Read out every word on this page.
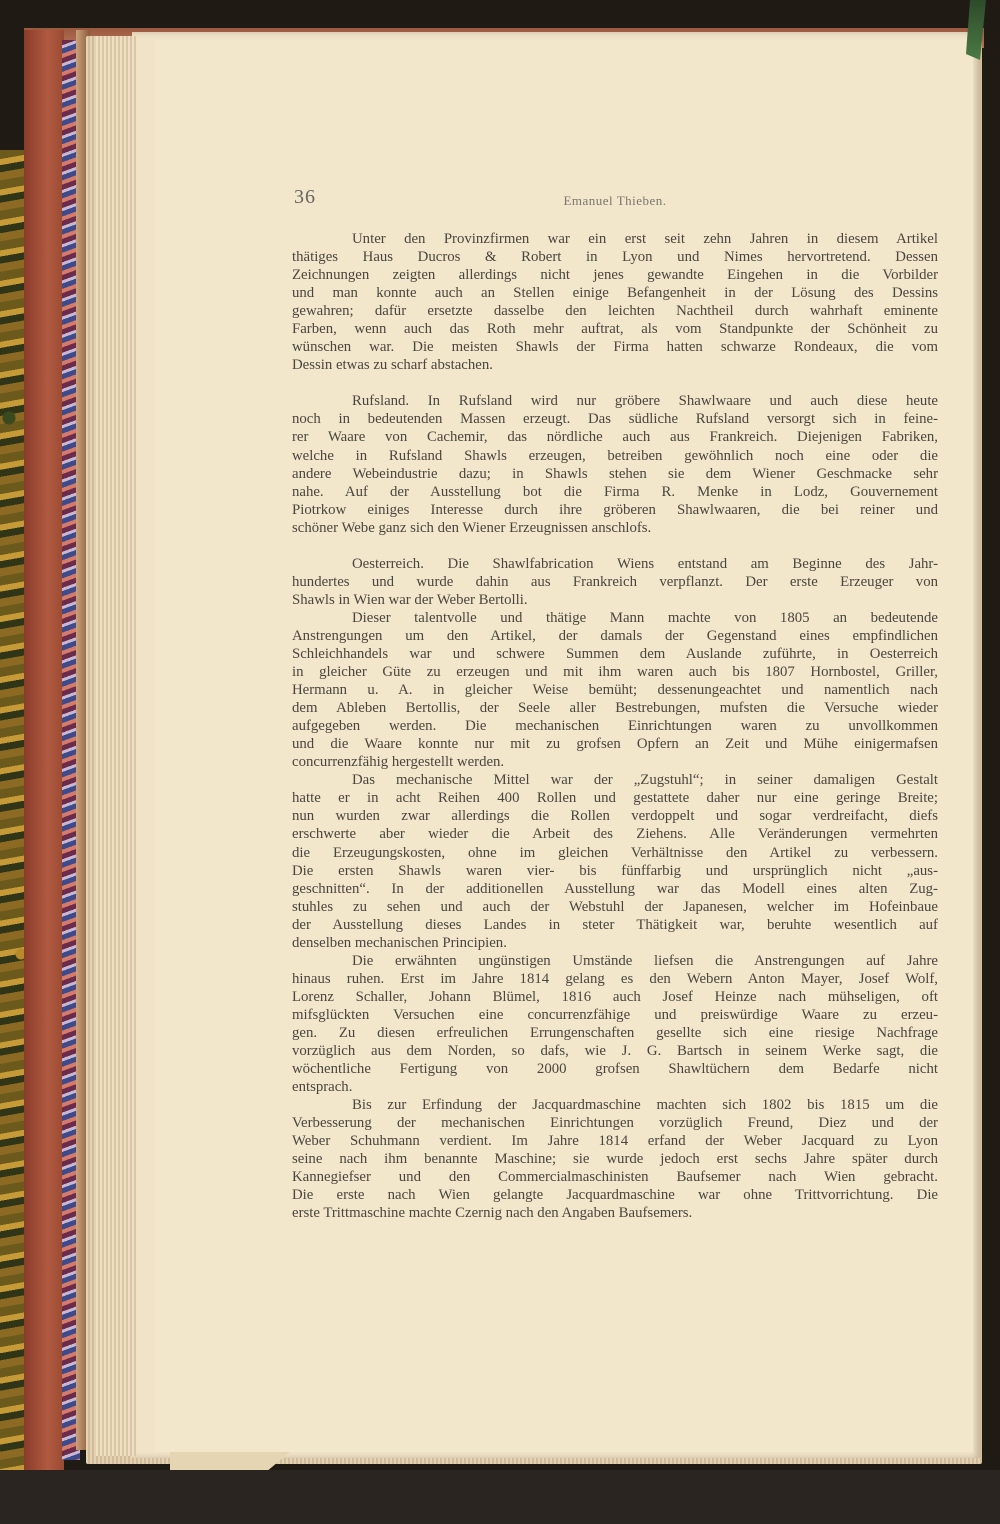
36	Emanuel Thieben.

Unter den Provinzfirmen war ein erst seit zehn Jahren in diesem Artikel
thätiges Haus Ducros & Robert in Lyon und Nimes hervortretend. Dessen
Zeichnungen zeigten allerdings nicht jenes gewandte Eingehen in die Vorbilder
und man konnte auch an Stellen einige Befangenheit in der Lösung des Dessins
gewahren; dafür ersetzte dasselbe den leichten Nachtheil durch wahrhaft eminente
Farben, wenn auch das Roth mehr auftrat, als vom Standpunkte der Schönheit zu
wünschen war. Die meisten Shawls der Firma hatten schwarze Rondeaux, die vom
Dessin etwas zu scharf abstachen.

Rufsland. In Rufsland wird nur gröbere Shawlwaare und auch diese heute
noch in bedeutenden Massen erzeugt. Das südliche Rufsland versorgt sich in feine-
rer Waare von Cachemir, das nördliche auch aus Frankreich. Diejenigen Fabriken,
welche in Rufsland Shawls erzeugen, betreiben gewöhnlich noch eine oder die
andere Webeindustrie dazu; in Shawls stehen sie dem Wiener Geschmacke sehr
nahe. Auf der Ausstellung bot die Firma R. Menke in Lodz, Gouvernement
Piotrkow einiges Interesse durch ihre gröberen Shawlwaaren, die bei reiner und
schöner Webe ganz sich den Wiener Erzeugnissen anschlofs.

Oesterreich. Die Shawlfabrication Wiens entstand am Beginne des Jahr-
hundertes und wurde dahin aus Frankreich verpflanzt. Der erste Erzeuger von
Shawls in Wien war der Weber Bertolli.

Dieser talentvolle und thätige Mann machte von 1805 an bedeutende
Anstrengungen um den Artikel, der damals der Gegenstand eines empfindlichen
Schleichhandels war und schwere Summen dem Auslande zuführte, in Oesterreich
in gleicher Güte zu erzeugen und mit ihm waren auch bis 1807 Hornbostel, Griller,
Hermann u. A. in gleicher Weise bemüht; dessenungeachtet und namentlich nach
dem Ableben Bertollis, der Seele aller Bestrebungen, mufsten die Versuche wieder
aufgegeben werden. Die mechanischen Einrichtungen waren zu unvollkommen
und die Waare konnte nur mit zu grofsen Opfern an Zeit und Mühe einigermafsen
concurrenzfähig hergestellt werden.

Das mechanische Mittel war der „Zugstuhl“; in seiner damaligen Gestalt
hatte er in acht Reihen 400 Rollen und gestattete daher nur eine geringe Breite;
nun wurden zwar allerdings die Rollen verdoppelt und sogar verdreifacht, diefs
erschwerte aber wieder die Arbeit des Ziehens. Alle Veränderungen vermehrten
die Erzeugungskosten, ohne im gleichen Verhältnisse den Artikel zu verbessern.
Die ersten Shawls waren vier- bis fünffarbig und ursprünglich nicht „aus-
geschnitten“. In der additionellen Ausstellung war das Modell eines alten Zug-
stuhles zu sehen und auch der Webstuhl der Japanesen, welcher im Hofeinbaue
der Ausstellung dieses Landes in steter Thätigkeit war, beruhte wesentlich auf
denselben mechanischen Principien.

Die erwähnten ungünstigen Umstände liefsen die Anstrengungen auf Jahre
hinaus ruhen. Erst im Jahre 1814 gelang es den Webern Anton Mayer, Josef Wolf,
Lorenz Schaller, Johann Blümel, 1816 auch Josef Heinze nach mühseligen, oft
mifsglückten Versuchen eine concurrenzfähige und preiswürdige Waare zu erzeu-
gen. Zu diesen erfreulichen Errungenschaften gesellte sich eine riesige Nachfrage
vorzüglich aus dem Norden, so dafs, wie J. G. Bartsch in seinem Werke sagt, die
wöchentliche Fertigung von 2000 grofsen Shawltüchern dem Bedarfe nicht
entsprach.

Bis zur Erfindung der Jacquardmaschine machten sich 1802 bis 1815 um die
Verbesserung der mechanischen Einrichtungen vorzüglich Freund, Diez und der
Weber Schuhmann verdient. Im Jahre 1814 erfand der Weber Jacquard zu Lyon
seine nach ihm benannte Maschine; sie wurde jedoch erst sechs Jahre später durch
Kannegiefser und den Commercialmaschinisten Baufsemer nach Wien gebracht.
Die erste nach Wien gelangte Jacquardmaschine war ohne Trittvorrichtung. Die
erste Trittmaschine machte Czernig nach den Angaben Baufsemers.
